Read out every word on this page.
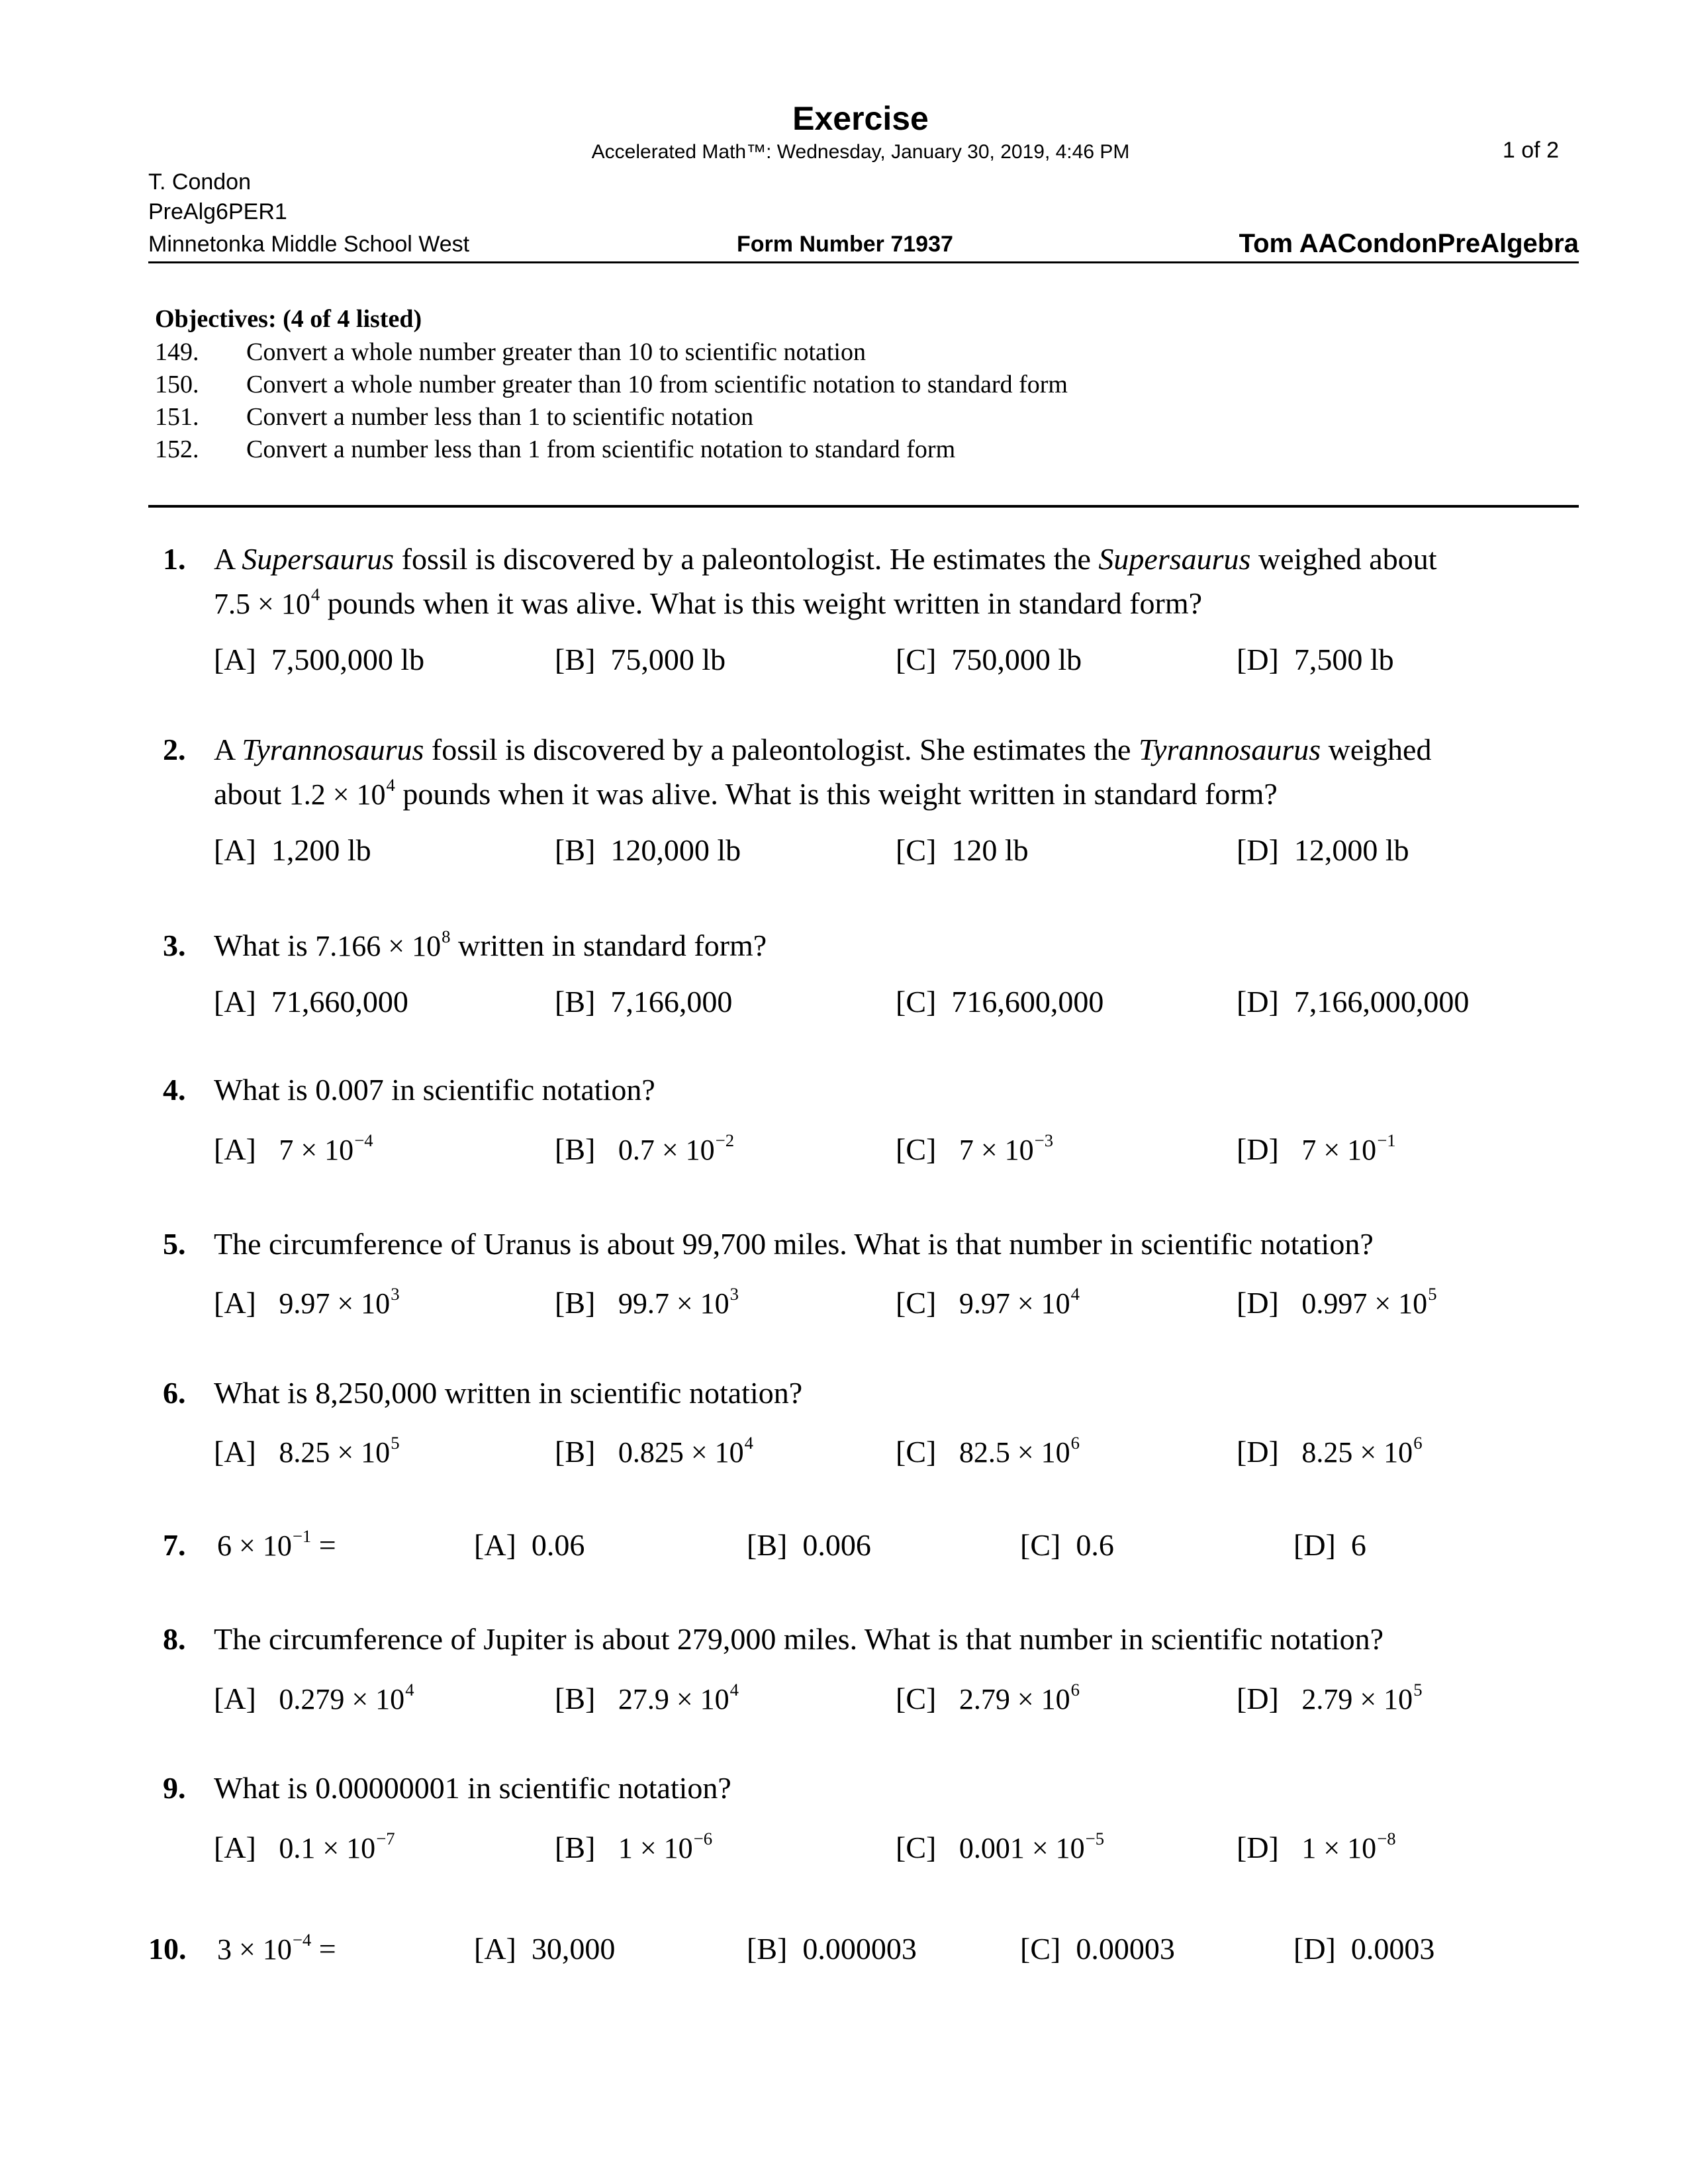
Exercise
Accelerated Math™: Wednesday, January 30, 2019, 4:46 PM	1 of 2
T. Condon
PreAlg6PER1
Minnetonka Middle School West	Form Number 71937	Tom AACondonPreAlgebra
Objectives: (4 of 4 listed)
149. Convert a whole number greater than 10 to scientific notation
150. Convert a whole number greater than 10 from scientific notation to standard form
151. Convert a number less than 1 to scientific notation
152. Convert a number less than 1 from scientific notation to standard form
1. A Supersaurus fossil is discovered by a paleontologist. He estimates the Supersaurus weighed about
$7.5 \times 10^4$ pounds when it was alive. What is this weight written in standard form?
[A] 7,500,000 lb	[B] 75,000 lb	[C] 750,000 lb	[D] 7,500 lb
2. A Tyrannosaurus fossil is discovered by a paleontologist. She estimates the Tyrannosaurus weighed
about $1.2 \times 10^4$ pounds when it was alive. What is this weight written in standard form?
[A] 1,200 lb	[B] 120,000 lb	[C] 120 lb	[D] 12,000 lb
3. What is $7.166 \times 10^8$ written in standard form?
[A] 71,660,000	[B] 7,166,000	[C] 716,600,000	[D] 7,166,000,000
4. What is 0.007 in scientific notation?
[A] $7 \times 10^{-4}$	[B] $0.7 \times 10^{-2}$	[C] $7 \times 10^{-3}$	[D] $7 \times 10^{-1}$
5. The circumference of Uranus is about 99,700 miles. What is that number in scientific notation?
[A] $9.97 \times 10^3$	[B] $99.7 \times 10^3$	[C] $9.97 \times 10^4$	[D] $0.997 \times 10^5$
6. What is 8,250,000 written in scientific notation?
[A] $8.25 \times 10^5$	[B] $0.825 \times 10^4$	[C] $82.5 \times 10^6$	[D] $8.25 \times 10^6$
7. $6 \times 10^{-1}$ =	[A] 0.06	[B] 0.006	[C] 0.6	[D] 6
8. The circumference of Jupiter is about 279,000 miles. What is that number in scientific notation?
[A] $0.279 \times 10^4$	[B] $27.9 \times 10^4$	[C] $2.79 \times 10^6$	[D] $2.79 \times 10^5$
9. What is 0.00000001 in scientific notation?
[A] $0.1 \times 10^{-7}$	[B] $1 \times 10^{-6}$	[C] $0.001 \times 10^{-5}$	[D] $1 \times 10^{-8}$
10. $3 \times 10^{-4}$ =	[A] 30,000	[B] 0.000003	[C] 0.00003	[D] 0.0003
